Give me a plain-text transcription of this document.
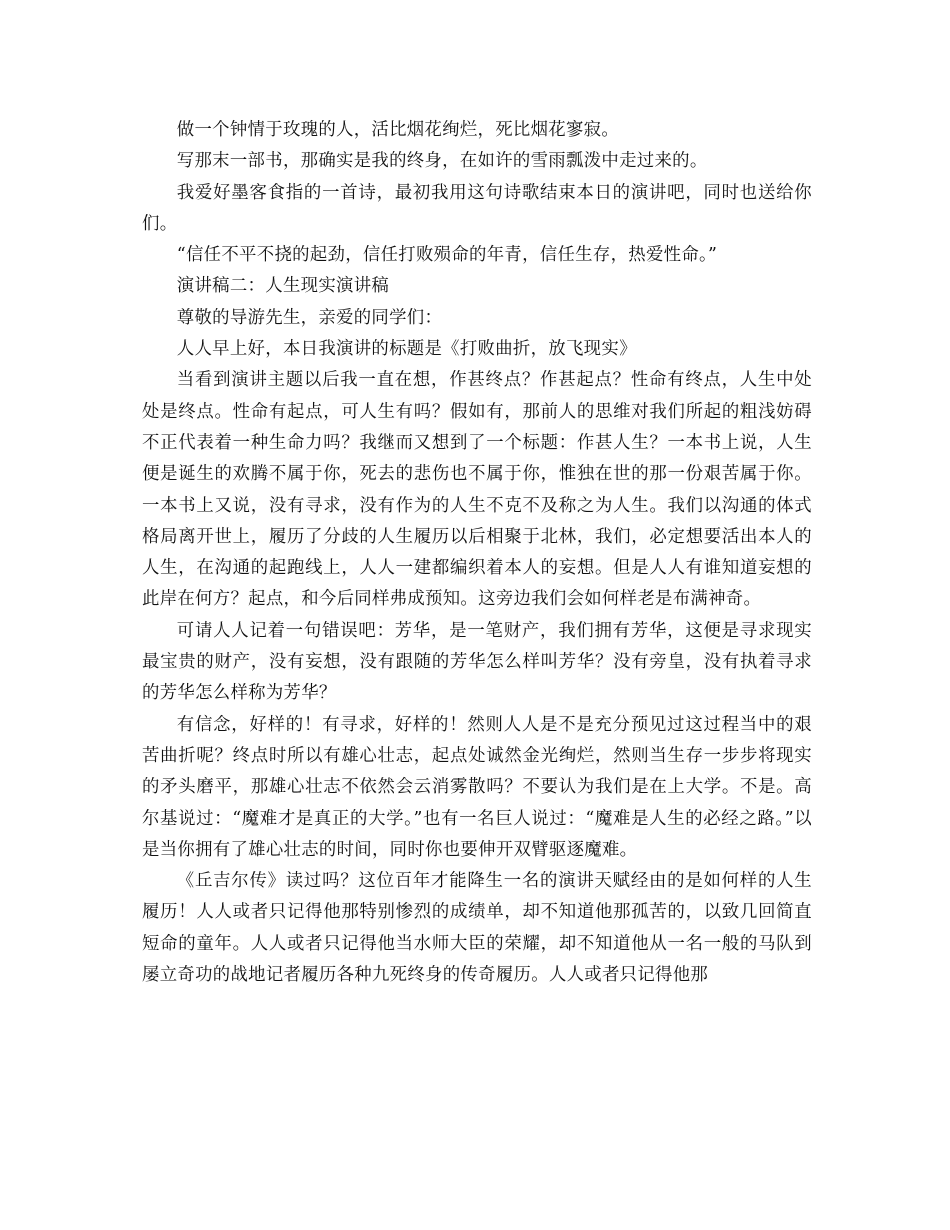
做一个钟情于玫瑰的人，活比烟花绚烂，死比烟花寥寂。

写那末一部书，那确实是我的终身，在如许的雪雨瓢泼中走过来的。

我爱好墨客食指的一首诗，最初我用这句诗歌结束本日的演讲吧，同时也送给你们。

“信任不平不挠的起劲，信任打败殒命的年青，信任生存，热爱性命。”

演讲稿二：人生现实演讲稿

尊敬的导游先生，亲爱的同学们：

人人早上好，本日我演讲的标题是《打败曲折，放飞现实》

当看到演讲主题以后我一直在想，作甚终点？作甚起点？性命有终点，人生中处处是终点。性命有起点，可人生有吗？假如有，那前人的思维对我们所起的粗浅妨碍不正代表着一种生命力吗？我继而又想到了一个标题：作甚人生？一本书上说，人生便是诞生的欢腾不属于你，死去的悲伤也不属于你，惟独在世的那一份艰苦属于你。一本书上又说，没有寻求，没有作为的人生不克不及称之为人生。我们以沟通的体式格局离开世上，履历了分歧的人生履历以后相聚于北林，我们，必定想要活出本人的人生，在沟通的起跑线上，人人一建都编织着本人的妄想。但是人人有谁知道妄想的此岸在何方？起点，和今后同样弗成预知。这旁边我们会如何样老是布满神奇。

可请人人记着一句错误吧：芳华，是一笔财产，我们拥有芳华，这便是寻求现实最宝贵的财产，没有妄想，没有跟随的芳华怎么样叫芳华？没有旁皇，没有执着寻求的芳华怎么样称为芳华？

有信念，好样的！有寻求，好样的！然则人人是不是充分预见过这过程当中的艰苦曲折呢？终点时所以有雄心壮志，起点处诚然金光绚烂，然则当生存一步步将现实的矛头磨平，那雄心壮志不依然会云消雾散吗？不要认为我们是在上大学。不是。高尔基说过：“魔难才是真正的大学。”也有一名巨人说过：“魔难是人生的必经之路。”以是当你拥有了雄心壮志的时间，同时你也要伸开双臂驱逐魔难。

《丘吉尔传》读过吗？这位百年才能降生一名的演讲天赋经由的是如何样的人生履历！人人或者只记得他那特别惨烈的成绩单，却不知道他那孤苦的，以致几回简直短命的童年。人人或者只记得他当水师大臣的荣耀，却不知道他从一名一般的马队到屡立奇功的战地记者履历各种九死终身的传奇履历。人人或者只记得他那
